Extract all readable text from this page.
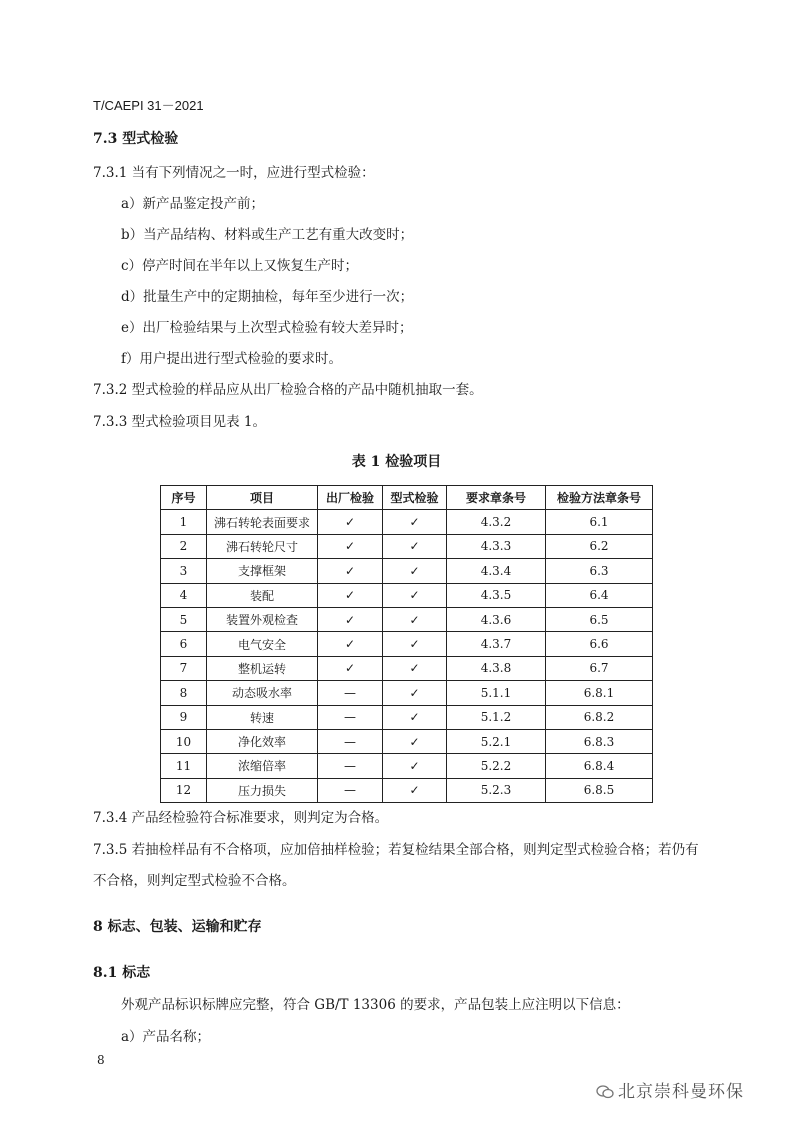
T/CAEPI 31－2021
7.3 型式检验
7.3.1 当有下列情况之一时，应进行型式检验：
a）新产品鉴定投产前；
b）当产品结构、材料或生产工艺有重大改变时；
c）停产时间在半年以上又恢复生产时；
d）批量生产中的定期抽检，每年至少进行一次；
e）出厂检验结果与上次型式检验有较大差异时；
f）用户提出进行型式检验的要求时。
7.3.2 型式检验的样品应从出厂检验合格的产品中随机抽取一套。
7.3.3 型式检验项目见表 1。
表 1 检验项目
序号	项目	出厂检验	型式检验	要求章条号	检验方法章条号
1	沸石转轮表面要求	✓	✓	4.3.2	6.1
2	沸石转轮尺寸	✓	✓	4.3.3	6.2
3	支撑框架	✓	✓	4.3.4	6.3
4	装配	✓	✓	4.3.5	6.4
5	装置外观检查	✓	✓	4.3.6	6.5
6	电气安全	✓	✓	4.3.7	6.6
7	整机运转	✓	✓	4.3.8	6.7
8	动态吸水率	—	✓	5.1.1	6.8.1
9	转速	—	✓	5.1.2	6.8.2
10	净化效率	—	✓	5.2.1	6.8.3
11	浓缩倍率	—	✓	5.2.2	6.8.4
12	压力损失	—	✓	5.2.3	6.8.5
7.3.4 产品经检验符合标准要求，则判定为合格。
7.3.5 若抽检样品有不合格项，应加倍抽样检验；若复检结果全部合格，则判定型式检验合格；若仍有
不合格，则判定型式检验不合格。
8 标志、包装、运输和贮存
8.1 标志
外观产品标识标牌应完整，符合 GB/T 13306 的要求，产品包装上应注明以下信息：
a）产品名称；
8
北京崇科曼环保
